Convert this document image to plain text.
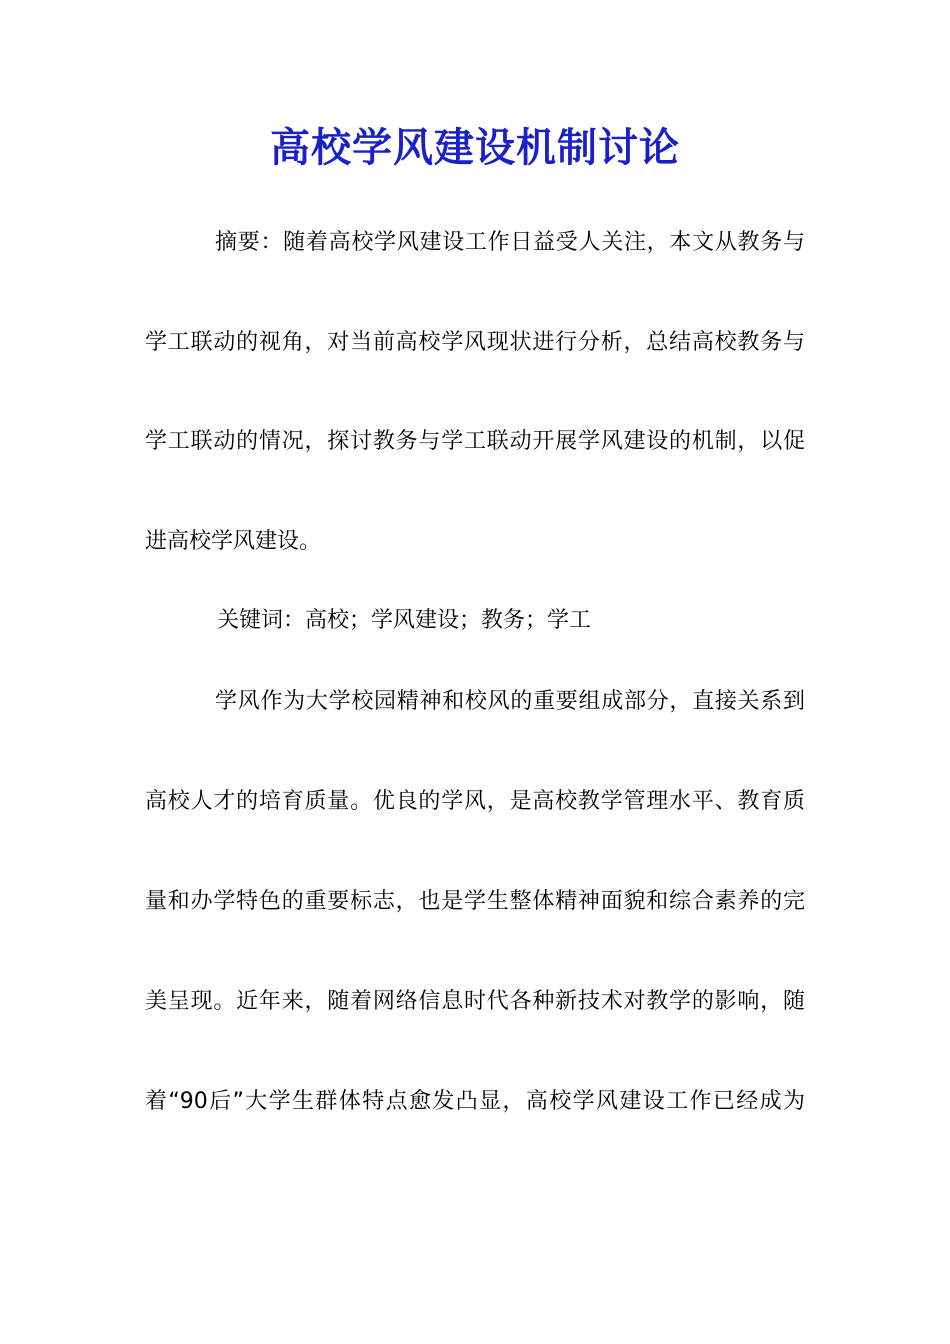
高校学风建设机制讨论
摘要：随着高校学风建设工作日益受人关注，本文从教务与
学工联动的视角，对当前高校学风现状进行分析，总结高校教务与
学工联动的情况，探讨教务与学工联动开展学风建设的机制，以促
进高校学风建设。
关键词：高校；学风建设；教务；学工
学风作为大学校园精神和校风的重要组成部分，直接关系到
高校人才的培育质量。优良的学风，是高校教学管理水平、教育质
量和办学特色的重要标志，也是学生整体精神面貌和综合素养的完
美呈现。近年来，随着网络信息时代各种新技术对教学的影响，随
着“90后”大学生群体特点愈发凸显，高校学风建设工作已经成为
